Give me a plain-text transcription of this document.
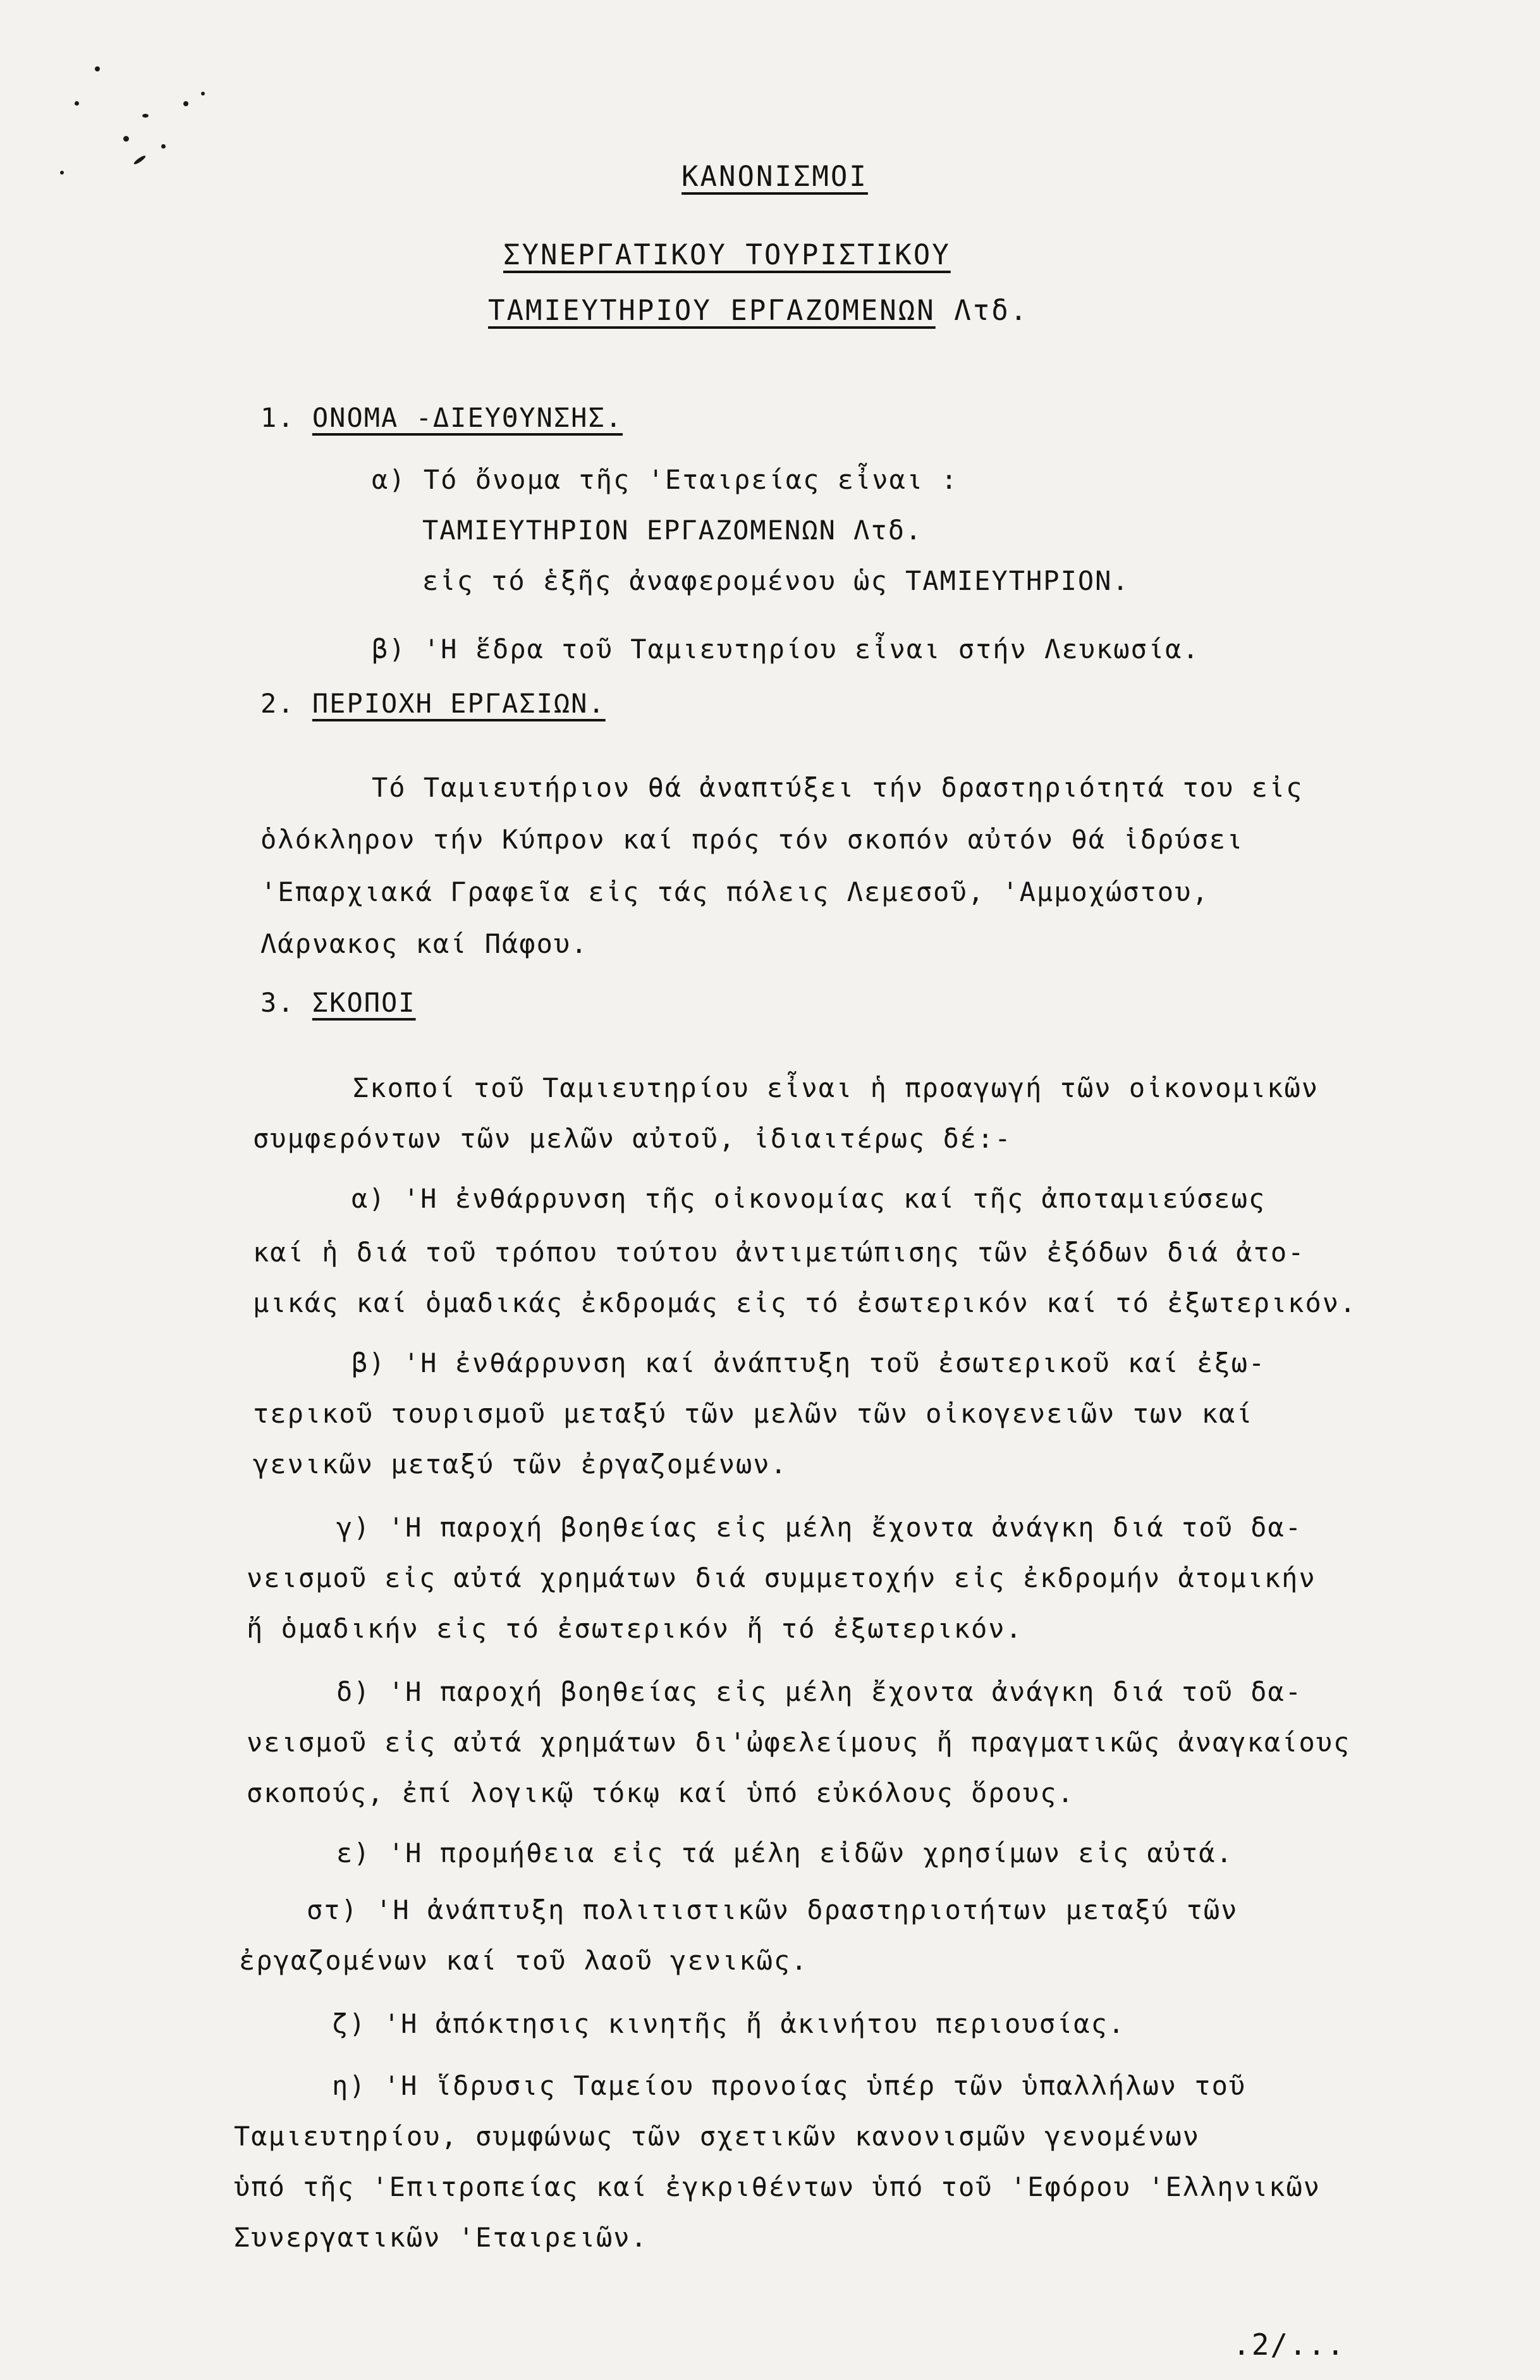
ΚΑΝΟΝΙΣΜΟΙ
ΣΥΝΕΡΓΑΤΙΚΟΥ ΤΟΥΡΙΣΤΙΚΟΥ
ΤΑΜΙΕΥΤΗΡΙΟΥ ΕΡΓΑΖΟΜΕΝΩΝ Λτδ.
1. ΟΝΟΜΑ -ΔΙΕΥΘΥΝΣΗΣ.
α) Τό ὄνομα τῆς 'Εταιρείας εἶναι :
ΤΑΜΙΕΥΤΗΡΙΟΝ ΕΡΓΑΖΟΜΕΝΩΝ Λτδ.
εἰς τό ἑξῆς ἀναφερομένου ὡς ΤΑΜΙΕΥΤΗΡΙΟΝ.
β) 'Η ἕδρα τοῦ Ταμιευτηρίου εἶναι στήν Λευκωσία.
2. ΠΕΡΙΟΧΗ ΕΡΓΑΣΙΩΝ.
Τό Ταμιευτήριον θά ἀναπτύξει τήν δραστηριότητά του εἰς
ὁλόκληρον τήν Κύπρον καί πρός τόν σκοπόν αὐτόν θά ἱδρύσει
'Επαρχιακά Γραφεῖα εἰς τάς πόλεις Λεμεσοῦ, 'Αμμοχώστου,
Λάρνακος καί Πάφου.
3. ΣΚΟΠΟΙ
Σκοποί τοῦ Ταμιευτηρίου εἶναι ἡ προαγωγή τῶν οἰκονομικῶν
συμφερόντων τῶν μελῶν αὐτοῦ, ἰδιαιτέρως δέ:-
α) 'Η ἐνθάρρυνση τῆς οἰκονομίας καί τῆς ἀποταμιεύσεως
καί ἡ διά τοῦ τρόπου τούτου ἀντιμετώπισης τῶν ἐξόδων διά ἀτο-
μικάς καί ὁμαδικάς ἐκδρομάς εἰς τό ἐσωτερικόν καί τό ἐξωτερικόν.
β) 'Η ἐνθάρρυνση καί ἀνάπτυξη τοῦ ἐσωτερικοῦ καί ἐξω-
τερικοῦ τουρισμοῦ μεταξύ τῶν μελῶν τῶν οἰκογενειῶν των καί
γενικῶν μεταξύ τῶν ἐργαζομένων.
γ) 'Η παροχή βοηθείας εἰς μέλη ἔχοντα ἀνάγκη διά τοῦ δα-
νεισμοῦ εἰς αὐτά χρημάτων διά συμμετοχήν εἰς ἐκδρομήν ἀτομικήν
ἤ ὁμαδικήν εἰς τό ἐσωτερικόν ἤ τό ἐξωτερικόν.
δ) 'Η παροχή βοηθείας εἰς μέλη ἔχοντα ἀνάγκη διά τοῦ δα-
νεισμοῦ εἰς αὐτά χρημάτων δι'ὠφελείμους ἤ πραγματικῶς ἀναγκαίους
σκοπούς, ἐπί λογικῷ τόκῳ καί ὑπό εὐκόλους ὅρους.
ε) 'Η προμήθεια εἰς τά μέλη εἰδῶν χρησίμων εἰς αὐτά.
στ) 'Η ἀνάπτυξη πολιτιστικῶν δραστηριοτήτων μεταξύ τῶν
ἐργαζομένων καί τοῦ λαοῦ γενικῶς.
ζ) 'Η ἀπόκτησις κινητῆς ἤ ἀκινήτου περιουσίας.
η) 'Η ἵδρυσις Ταμείου προνοίας ὑπέρ τῶν ὑπαλλήλων τοῦ
Ταμιευτηρίου, συμφώνως τῶν σχετικῶν κανονισμῶν γενομένων
ὑπό τῆς 'Επιτροπείας καί ἐγκριθέντων ὑπό τοῦ 'Εφόρου 'Ελληνικῶν
Συνεργατικῶν 'Εταιρειῶν.
.2/...
